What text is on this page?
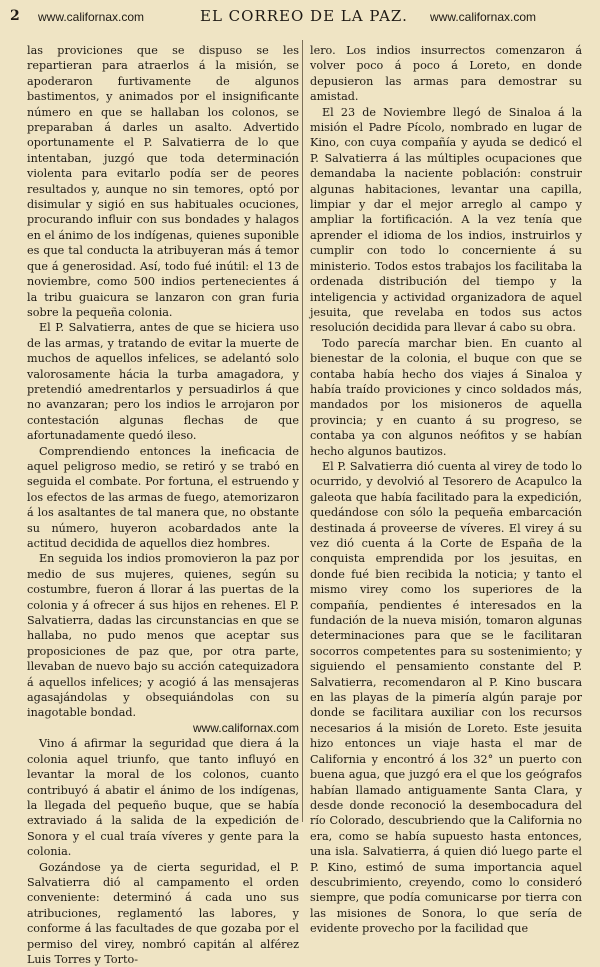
2 www.californax.com	EL CORREO DE LA PAZ. www.californax.com

las proviciones que se dispuso se les repartieran para atraerlos á la misión, se apoderaron furtivamente de algunos bastimentos, y animados por el insignificante número en que se hallaban los colonos, se preparaban á darles un asalto. Advertido oportunamente el P. Salvatierra de lo que intentaban, juzgó que toda determinación violenta para evitarlo podía ser de peores resultados y, aunque no sin temores, optó por disimular y sigió en sus habituales ocuciones, procurando influir con sus bondades y halagos en el ánimo de los indígenas, quienes suponible es que tal conducta la atribuyeran más á temor que á generosidad. Así, todo fué inútil: el 13 de noviembre, como 500 indios pertenecientes á la tribu guaicura se lanzaron con gran furia sobre la pequeña colonia.

El P. Salvatierra, antes de que se hiciera uso de las armas, y tratando de evitar la muerte de muchos de aquellos infelices, se adelantó solo valorosamente hácia la turba amagadora, y pretendió amedrentarlos y persuadirlos á que no avanzaran; pero los indios le arrojaron por contestación algunas flechas de que afortunadamente quedó ileso.

Comprendiendo entonces la ineficacia de aquel peligroso medio, se retiró y se trabó en seguida el combate. Por fortuna, el estruendo y los efectos de las armas de fuego, atemorizaron á los asaltantes de tal manera que, no obstante su número, huyeron acobardados ante la actitud decidida de aquellos diez hombres.

En seguida los indios promovieron la paz por medio de sus mujeres, quienes, según su costumbre, fueron á llorar á las puertas de la colonia y á ofrecer á sus hijos en rehenes. El P. Salvatierra, dadas las circunstancias en que se hallaba, no pudo menos que aceptar sus proposiciones de paz que, por otra parte, llevaban de nuevo bajo su acción catequizadora á aquellos infelices; y acogió á las mensajeras agasajándolas y obsequiándolas con su inagotable bondad.

www.californax.com

Vino á afirmar la seguridad que diera á la colonia aquel triunfo, que tanto influyó en levantar la moral de los colonos, cuanto contribuyó á abatir el ánimo de los indígenas, la llegada del pequeño buque, que se había extraviado á la salida de la expedición de Sonora y el cual traía víveres y gente para la colonia.

Gozándose ya de cierta seguridad, el P. Salvatierra dió al campamento el orden conveniente: determinó á cada uno sus atribuciones, reglamentó las labores, y conforme á las facultades de que gozaba por el permiso del virey, nombró capitán al alférez Luis Torres y Torto-

lero. Los indios insurrectos comenzaron á volver poco á poco á Loreto, en donde depusieron las armas para demostrar su amistad.

El 23 de Noviembre llegó de Sinaloa á la misión el Padre Pícolo, nombrado en lugar de Kino, con cuya compañía y ayuda se dedicó el P. Salvatierra á las múltiples ocupaciones que demandaba la naciente población: construir algunas habitaciones, levantar una capilla, limpiar y dar el mejor arreglo al campo y ampliar la fortificación. A la vez tenía que aprender el idioma de los indios, instruirlos y cumplir con todo lo concerniente á su ministerio. Todos estos trabajos los facilitaba la ordenada distribución del tiempo y la inteligencia y actividad organizadora de aquel jesuita, que revelaba en todos sus actos resolución decidida para llevar á cabo su obra.

Todo parecía marchar bien. En cuanto al bienestar de la colonia, el buque con que se contaba había hecho dos viajes á Sinaloa y había traído proviciones y cinco soldados más, mandados por los misioneros de aquella provincia; y en cuanto á su progreso, se contaba ya con algunos neófitos y se habían hecho algunos bautizos.

El P. Salvatierra dió cuenta al virey de todo lo ocurrido, y devolvió al Tesorero de Acapulco la galeota que había facilitado para la expedición, quedándose con sólo la pequeña embarcación destinada á proveerse de víveres. El virey á su vez dió cuenta á la Corte de España de la conquista emprendida por los jesuitas, en donde fué bien recibida la noticia; y tanto el mismo virey como los superiores de la compañía, pendientes é interesados en la fundación de la nueva misión, tomaron algunas determinaciones para que se le facilitaran socorros competentes para su sostenimiento; y siguiendo el pensamiento constante del P. Salvatierra, recomendaron al P. Kino buscara en las playas de la pimería algún paraje por donde se facilitara auxiliar con los recursos necesarios á la misión de Loreto. Este jesuita hizo entonces un viaje hasta el mar de California y encontró á los 32° un puerto con buena agua, que juzgó era el que los geógrafos habían llamado antiguamente Santa Clara, y desde donde reconoció la desembocadura del río Colorado, descubriendo que la California no era, como se había supuesto hasta entonces, una isla. Salvatierra, á quien dió luego parte el P. Kino, estimó de suma importancia aquel descubrimiento, creyendo, como lo consideró siempre, que podía comunicarse por tierra con las misiones de Sonora, lo que sería de evidente provecho por la facilidad que
